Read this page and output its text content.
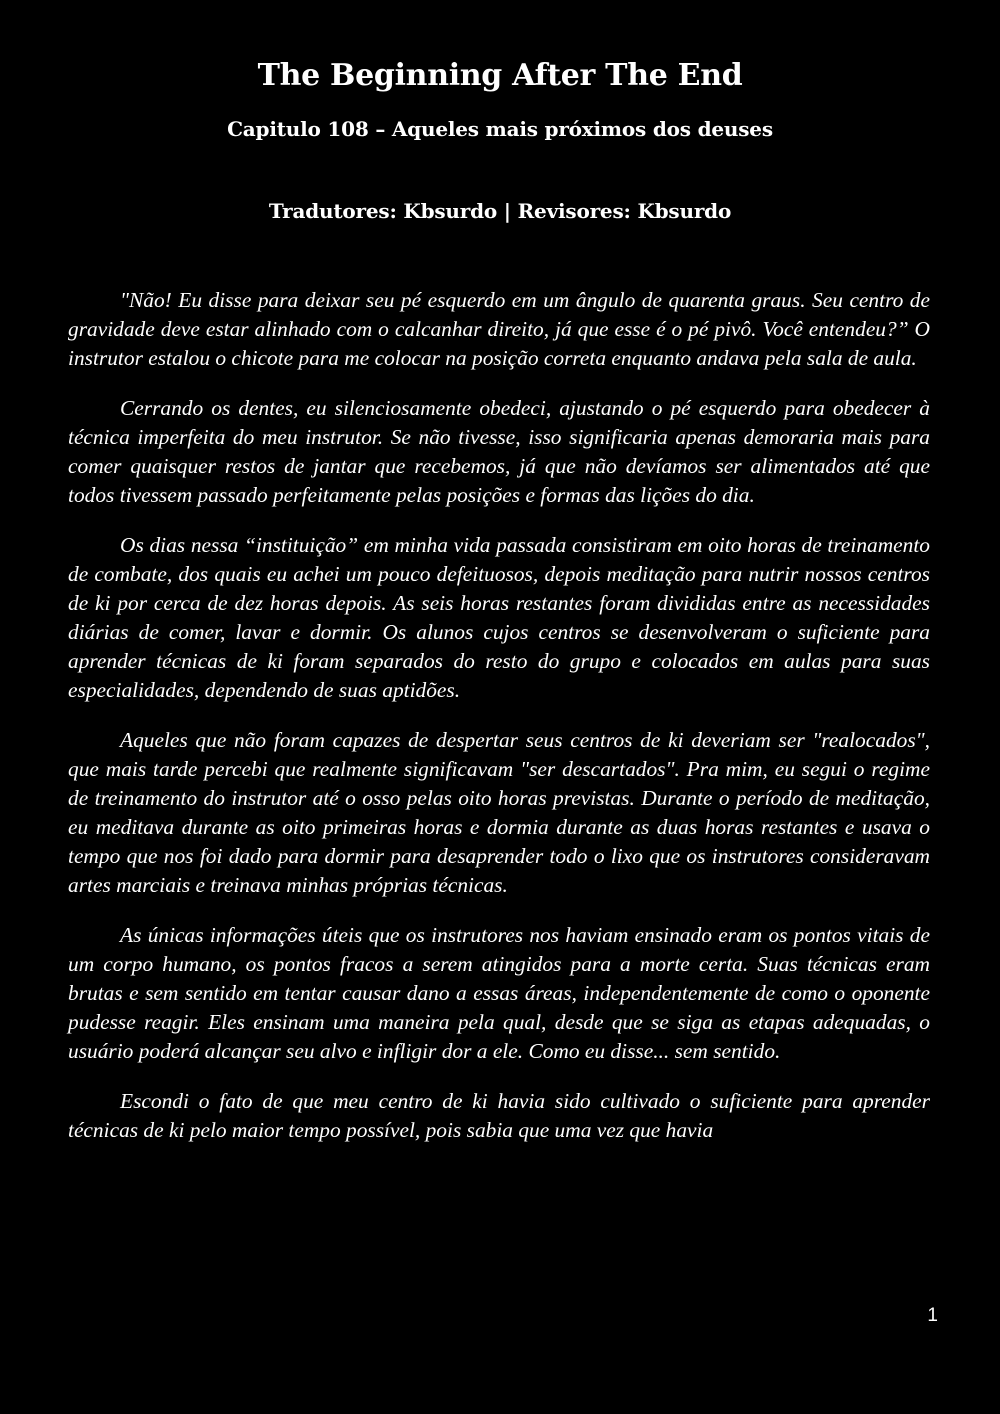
The Beginning After The End
Capitulo 108 – Aqueles mais próximos dos deuses
Tradutores: Kbsurdo | Revisores: Kbsurdo

"Não! Eu disse para deixar seu pé esquerdo em um ângulo de quarenta graus. Seu centro de gravidade deve estar alinhado com o calcanhar direito, já que esse é o pé pivô. Você entendeu?” O instrutor estalou o chicote para me colocar na posição correta enquanto andava pela sala de aula.

Cerrando os dentes, eu silenciosamente obedeci, ajustando o pé esquerdo para obedecer à técnica imperfeita do meu instrutor. Se não tivesse, isso significaria apenas demoraria mais para comer quaisquer restos de jantar que recebemos, já que não devíamos ser alimentados até que todos tivessem passado perfeitamente pelas posições e formas das lições do dia.

Os dias nessa “instituição” em minha vida passada consistiram em oito horas de treinamento de combate, dos quais eu achei um pouco defeituosos, depois meditação para nutrir nossos centros de ki por cerca de dez horas depois. As seis horas restantes foram divididas entre as necessidades diárias de comer, lavar e dormir. Os alunos cujos centros se desenvolveram o suficiente para aprender técnicas de ki foram separados do resto do grupo e colocados em aulas para suas especialidades, dependendo de suas aptidões.

Aqueles que não foram capazes de despertar seus centros de ki deveriam ser "realocados", que mais tarde percebi que realmente significavam "ser descartados". Pra mim, eu segui o regime de treinamento do instrutor até o osso pelas oito horas previstas. Durante o período de meditação, eu meditava durante as oito primeiras horas e dormia durante as duas horas restantes e usava o tempo que nos foi dado para dormir para desaprender todo o lixo que os instrutores consideravam artes marciais e treinava minhas próprias técnicas.

As únicas informações úteis que os instrutores nos haviam ensinado eram os pontos vitais de um corpo humano, os pontos fracos a serem atingidos para a morte certa. Suas técnicas eram brutas e sem sentido em tentar causar dano a essas áreas, independentemente de como o oponente pudesse reagir. Eles ensinam uma maneira pela qual, desde que se siga as etapas adequadas, o usuário poderá alcançar seu alvo e infligir dor a ele. Como eu disse... sem sentido.

Escondi o fato de que meu centro de ki havia sido cultivado o suficiente para aprender técnicas de ki pelo maior tempo possível, pois sabia que uma vez que havia

1
